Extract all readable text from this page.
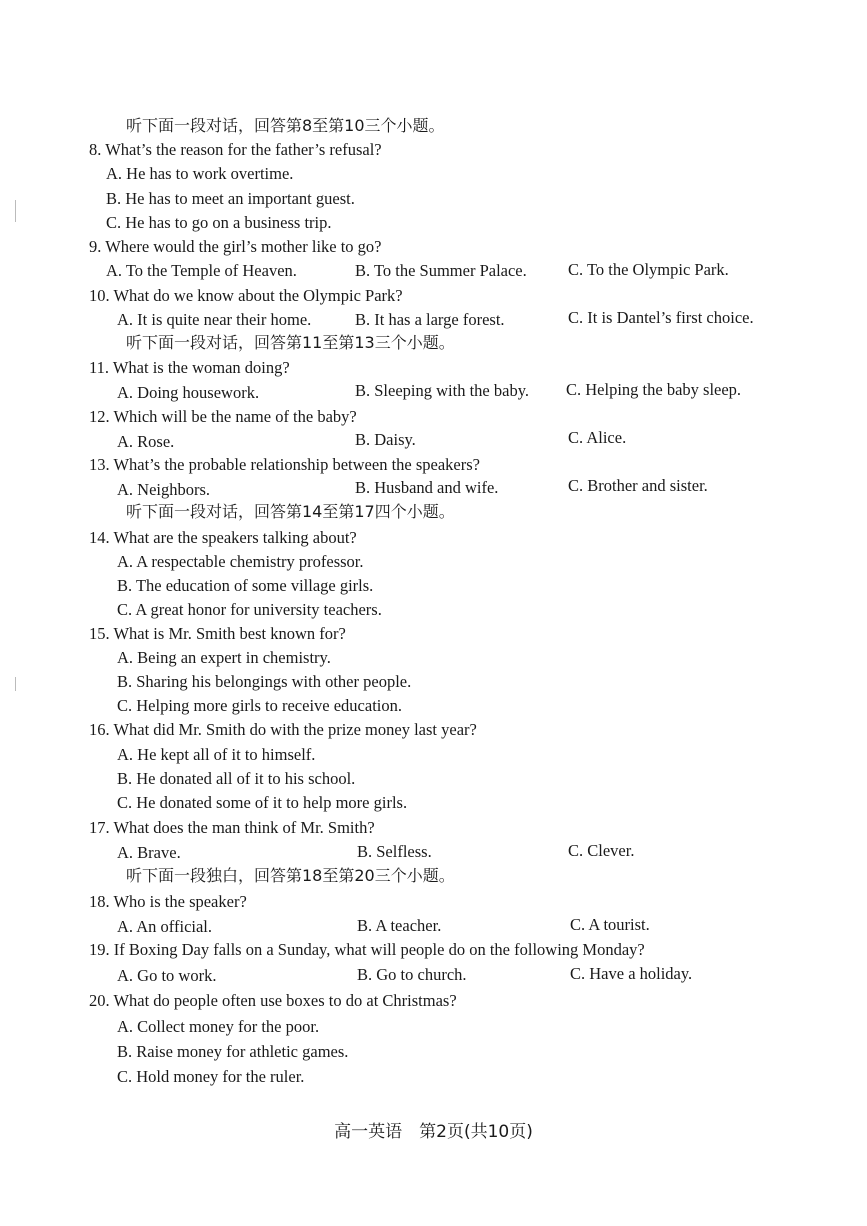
听下面一段对话，回答第8至第10三个小题。
8. What’s the reason for the father’s refusal?
A. He has to work overtime.
B. He has to meet an important guest.
C. He has to go on a business trip.
9. Where would the girl’s mother like to go?
A. To the Temple of Heaven.	B. To the Summer Palace. C. To the Olympic Park.
10. What do we know about the Olympic Park?
A. It is quite near their home.	B. It has a large forest.	C. It is Dantel’s first choice.
听下面一段对话，回答第11至第13三个小题。
11. What is the woman doing?
A. Doing housework.	B. Sleeping with the baby. C. Helping the baby sleep.
12. Which will be the name of the baby?
A. Rose.	B. Daisy.	C. Alice.
13. What’s the probable relationship between the speakers?
A. Neighbors.	B. Husband and wife.	C. Brother and sister.
听下面一段对话，回答第14至第17四个小题。
14. What are the speakers talking about?
A. A respectable chemistry professor.
B. The education of some village girls.
C. A great honor for university teachers.
15. What is Mr. Smith best known for?
A. Being an expert in chemistry.
B. Sharing his belongings with other people.
C. Helping more girls to receive education.
16. What did Mr. Smith do with the prize money last year?
A. He kept all of it to himself.
B. He donated all of it to his school.
C. He donated some of it to help more girls.
17. What does the man think of Mr. Smith?
A. Brave.	B. Selfless.	C. Clever.
听下面一段独白，回答第18至第20三个小题。
18. Who is the speaker?
A. An official.	B. A teacher.	C. A tourist.
19. If Boxing Day falls on a Sunday, what will people do on the following Monday?
A. Go to work.	B. Go to church.	C. Have a holiday.
20. What do people often use boxes to do at Christmas?
A. Collect money for the poor.
B. Raise money for athletic games.
C. Hold money for the ruler.
高一英语　第2页(共10页)
